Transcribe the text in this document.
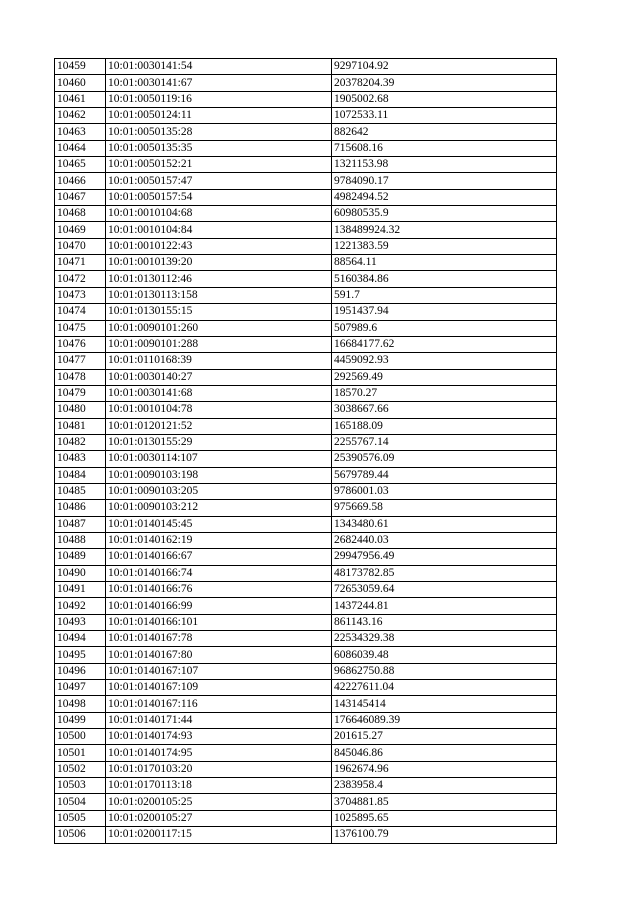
10459	10:01:0030141:54	9297104.92
10460	10:01:0030141:67	20378204.39
10461	10:01:0050119:16	1905002.68
10462	10:01:0050124:11	1072533.11
10463	10:01:0050135:28	882642
10464	10:01:0050135:35	715608.16
10465	10:01:0050152:21	1321153.98
10466	10:01:0050157:47	9784090.17
10467	10:01:0050157:54	4982494.52
10468	10:01:0010104:68	60980535.9
10469	10:01:0010104:84	138489924.32
10470	10:01:0010122:43	1221383.59
10471	10:01:0010139:20	88564.11
10472	10:01:0130112:46	5160384.86
10473	10:01:0130113:158	591.7
10474	10:01:0130155:15	1951437.94
10475	10:01:0090101:260	507989.6
10476	10:01:0090101:288	16684177.62
10477	10:01:0110168:39	4459092.93
10478	10:01:0030140:27	292569.49
10479	10:01:0030141:68	18570.27
10480	10:01:0010104:78	3038667.66
10481	10:01:0120121:52	165188.09
10482	10:01:0130155:29	2255767.14
10483	10:01:0030114:107	25390576.09
10484	10:01:0090103:198	5679789.44
10485	10:01:0090103:205	9786001.03
10486	10:01:0090103:212	975669.58
10487	10:01:0140145:45	1343480.61
10488	10:01:0140162:19	2682440.03
10489	10:01:0140166:67	29947956.49
10490	10:01:0140166:74	48173782.85
10491	10:01:0140166:76	72653059.64
10492	10:01:0140166:99	1437244.81
10493	10:01:0140166:101	861143.16
10494	10:01:0140167:78	22534329.38
10495	10:01:0140167:80	6086039.48
10496	10:01:0140167:107	96862750.88
10497	10:01:0140167:109	42227611.04
10498	10:01:0140167:116	143145414
10499	10:01:0140171:44	176646089.39
10500	10:01:0140174:93	201615.27
10501	10:01:0140174:95	845046.86
10502	10:01:0170103:20	1962674.96
10503	10:01:0170113:18	2383958.4
10504	10:01:0200105:25	3704881.85
10505	10:01:0200105:27	1025895.65
10506	10:01:0200117:15	1376100.79
